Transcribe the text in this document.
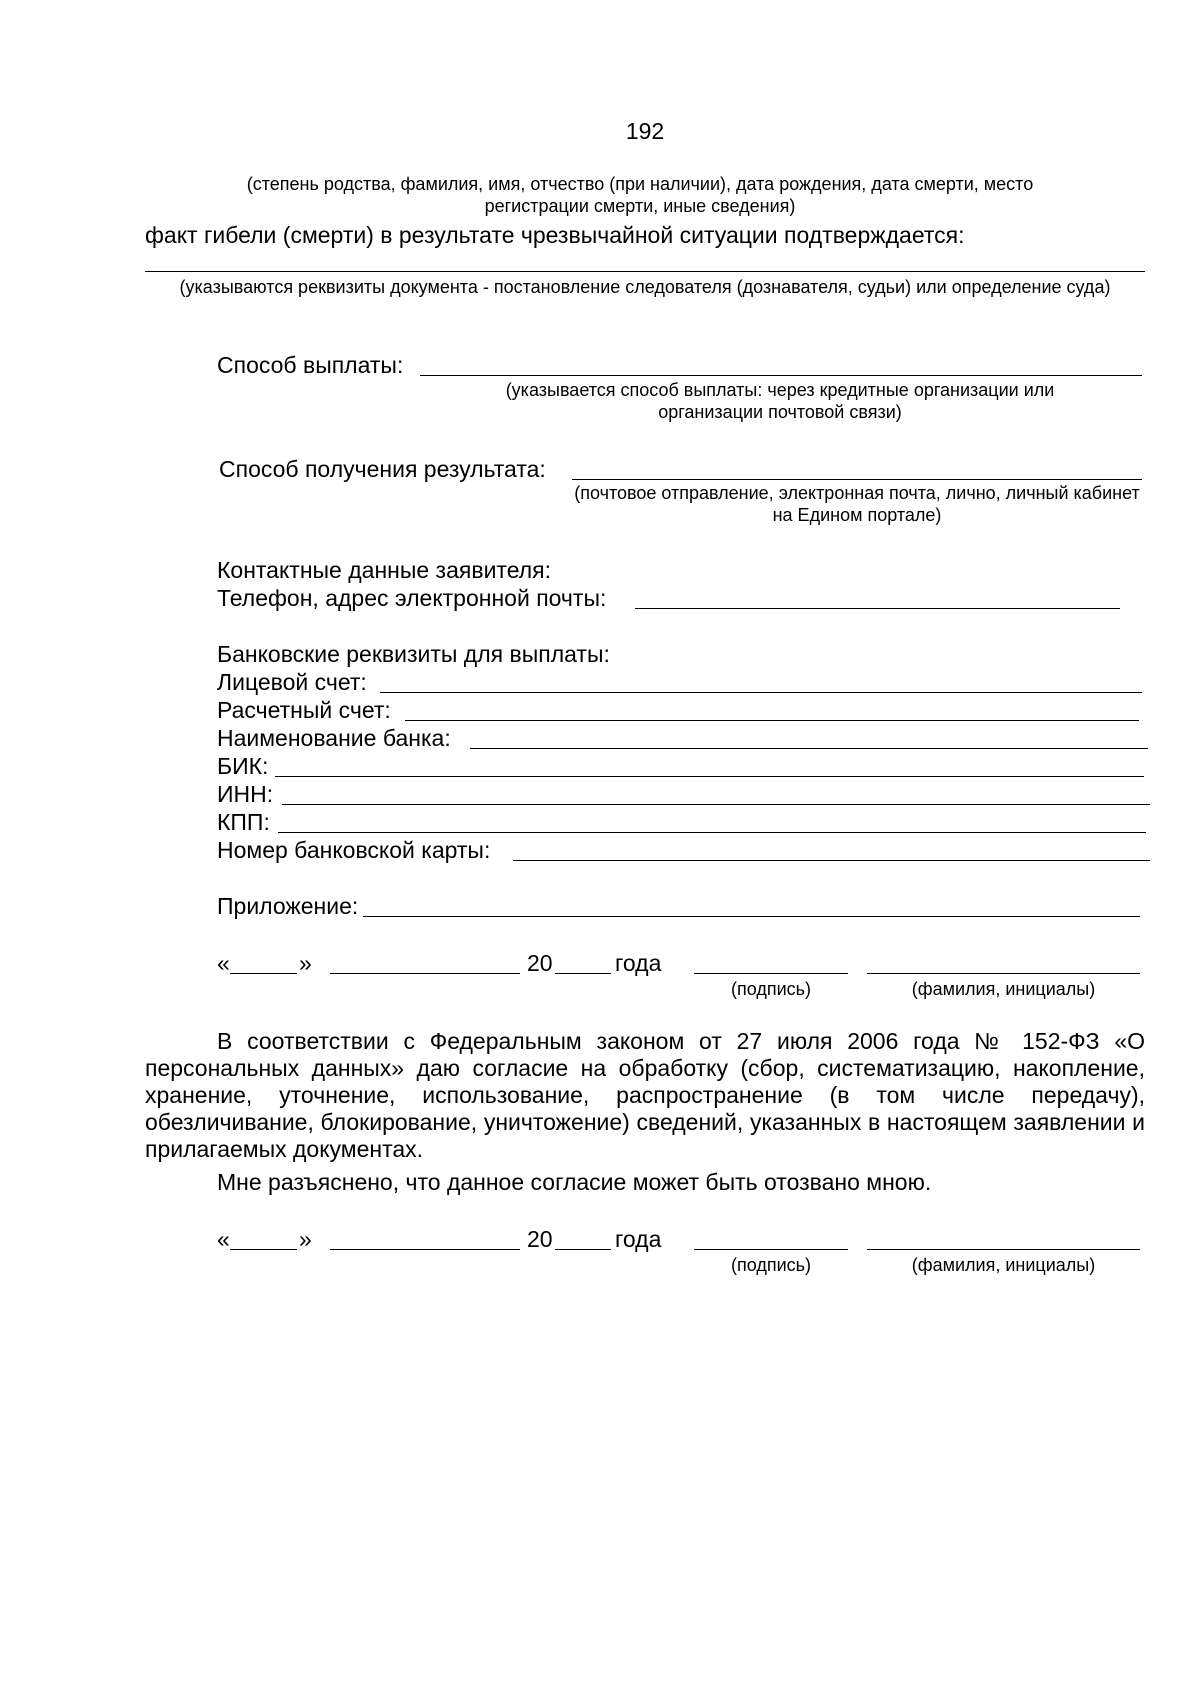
192
(степень родства, фамилия, имя, отчество (при наличии), дата рождения, дата смерти, место регистрации смерти, иные сведения)
факт гибели (смерти) в результате чрезвычайной ситуации подтверждается:
(указываются реквизиты документа - постановление следователя (дознавателя, судьи) или определение суда)
Способ выплаты:
(указывается способ выплаты: через кредитные организации или организации почтовой связи)
Способ получения результата:
(почтовое отправление, электронная почта, лично, личный кабинет на Едином портале)
Контактные данные заявителя:
Телефон, адрес электронной почты:
Банковские реквизиты для выплаты:
Лицевой счет:
Расчетный счет:
Наименование банка:
БИК:
ИНН:
КПП:
Номер банковской карты:
Приложение:
«	»	20	года
(подпись)	(фамилия, инициалы)
В соответствии с Федеральным законом от 27 июля 2006 года № 152-ФЗ «О персональных данных» даю согласие на обработку (сбор, систематизацию, накопление, хранение, уточнение, использование, распространение (в том числе передачу), обезличивание, блокирование, уничтожение) сведений, указанных в настоящем заявлении и прилагаемых документах.
Мне разъяснено, что данное согласие может быть отозвано мною.
«	»	20	года
(подпись)	(фамилия, инициалы)
